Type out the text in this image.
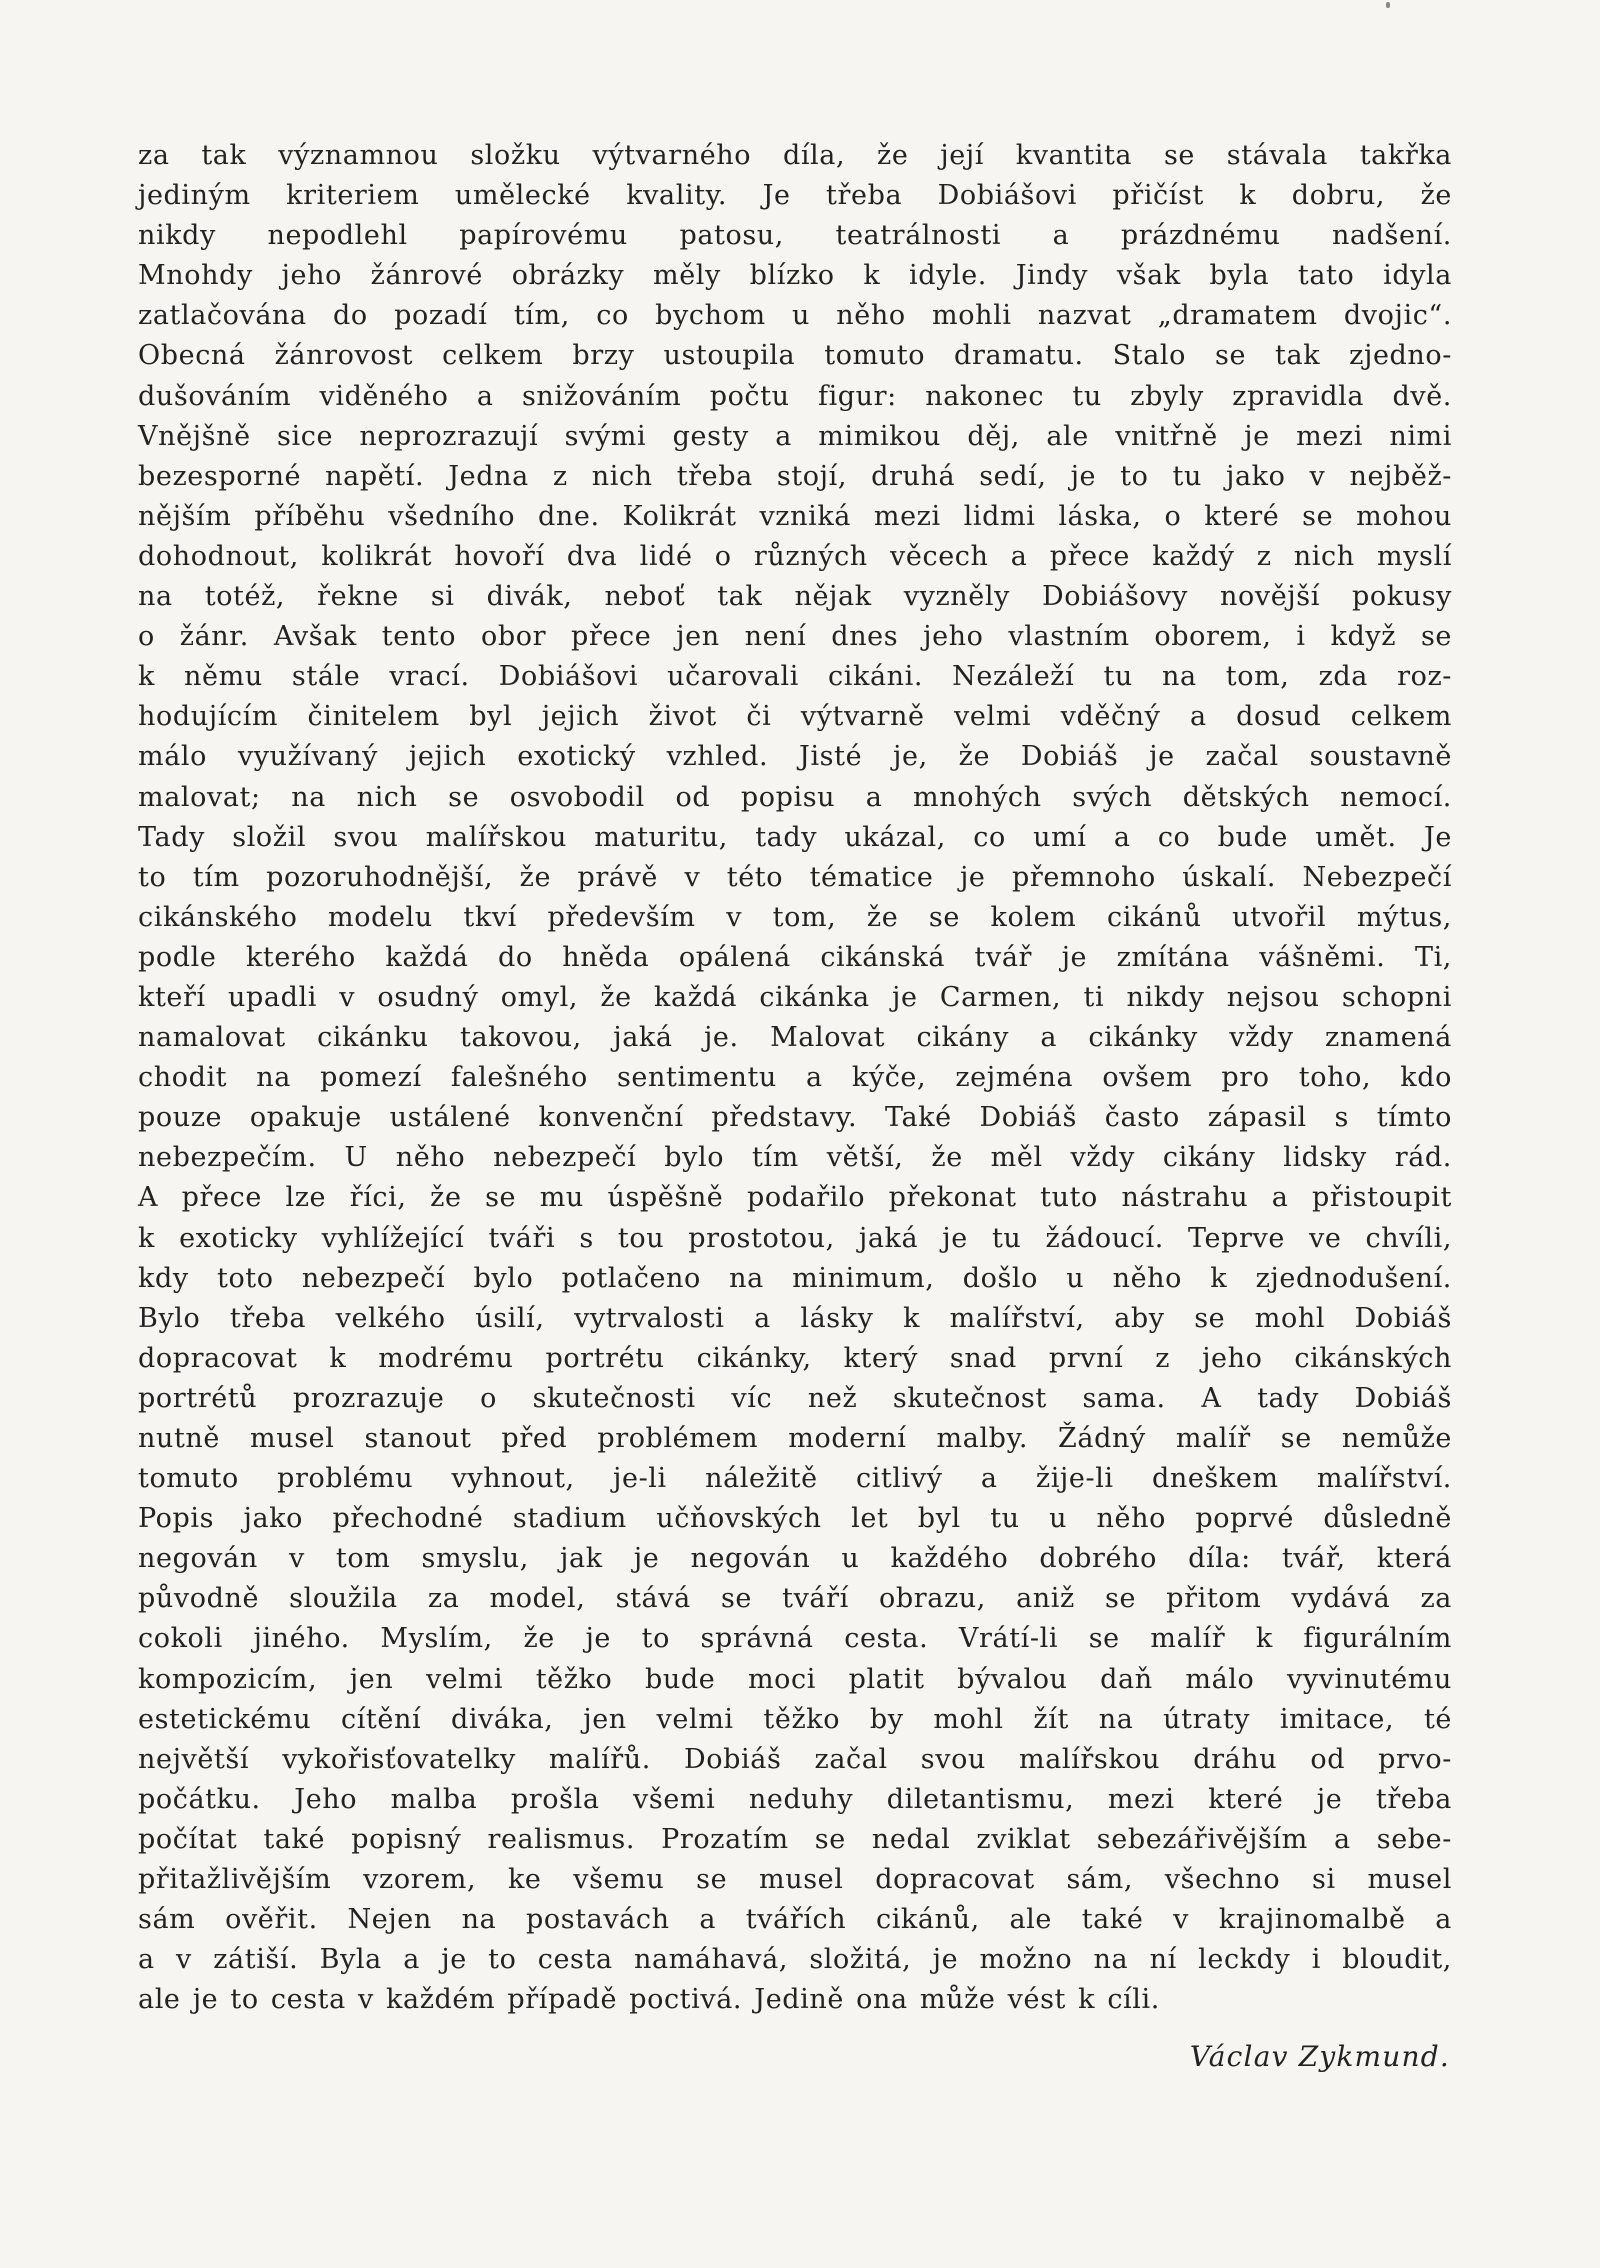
za tak významnou složku výtvarného díla, že její kvantita se stávala takřka
jediným kriteriem umělecké kvality. Je třeba Dobiášovi přičíst k dobru, že
nikdy nepodlehl papírovému patosu, teatrálnosti a prázdnému nadšení.
Mnohdy jeho žánrové obrázky měly blízko k idyle. Jindy však byla tato idyla
zatlačována do pozadí tím, co bychom u něho mohli nazvat „dramatem dvojic“.
Obecná žánrovost celkem brzy ustoupila tomuto dramatu. Stalo se tak zjedno-
dušováním viděného a snižováním počtu figur: nakonec tu zbyly zpravidla dvě.
Vnějšně sice neprozrazují svými gesty a mimikou děj, ale vnitřně je mezi nimi
bezesporné napětí. Jedna z nich třeba stojí, druhá sedí, je to tu jako v nejběž-
nějším příběhu všedního dne. Kolikrát vzniká mezi lidmi láska, o které se mohou
dohodnout, kolikrát hovoří dva lidé o různých věcech a přece každý z nich myslí
na totéž, řekne si divák, neboť tak nějak vyzněly Dobiášovy novější pokusy
o žánr. Avšak tento obor přece jen není dnes jeho vlastním oborem, i když se
k němu stále vrací. Dobiášovi učarovali cikáni. Nezáleží tu na tom, zda roz-
hodujícím činitelem byl jejich život či výtvarně velmi vděčný a dosud celkem
málo využívaný jejich exotický vzhled. Jisté je, že Dobiáš je začal soustavně
malovat; na nich se osvobodil od popisu a mnohých svých dětských nemocí.
Tady složil svou malířskou maturitu, tady ukázal, co umí a co bude umět. Je
to tím pozoruhodnější, že právě v této tématice je přemnoho úskalí. Nebezpečí
cikánského modelu tkví především v tom, že se kolem cikánů utvořil mýtus,
podle kterého každá do hněda opálená cikánská tvář je zmítána vášněmi. Ti,
kteří upadli v osudný omyl, že každá cikánka je Carmen, ti nikdy nejsou schopni
namalovat cikánku takovou, jaká je. Malovat cikány a cikánky vždy znamená
chodit na pomezí falešného sentimentu a kýče, zejména ovšem pro toho, kdo
pouze opakuje ustálené konvenční představy. Také Dobiáš často zápasil s tímto
nebezpečím. U něho nebezpečí bylo tím větší, že měl vždy cikány lidsky rád.
A přece lze říci, že se mu úspěšně podařilo překonat tuto nástrahu a přistoupit
k exoticky vyhlížející tváři s tou prostotou, jaká je tu žádoucí. Teprve ve chvíli,
kdy toto nebezpečí bylo potlačeno na minimum, došlo u něho k zjednodušení.
Bylo třeba velkého úsilí, vytrvalosti a lásky k malířství, aby se mohl Dobiáš
dopracovat k modrému portrétu cikánky, který snad první z jeho cikánských
portrétů prozrazuje o skutečnosti víc než skutečnost sama. A tady Dobiáš
nutně musel stanout před problémem moderní malby. Žádný malíř se nemůže
tomuto problému vyhnout, je-li náležitě citlivý a žije-li dneškem malířství.
Popis jako přechodné stadium učňovských let byl tu u něho poprvé důsledně
negován v tom smyslu, jak je negován u každého dobrého díla: tvář, která
původně sloužila za model, stává se tváří obrazu, aniž se přitom vydává za
cokoli jiného. Myslím, že je to správná cesta. Vrátí-li se malíř k figurálním
kompozicím, jen velmi těžko bude moci platit bývalou daň málo vyvinutému
estetickému cítění diváka, jen velmi těžko by mohl žít na útraty imitace, té
největší vykořisťovatelky malířů. Dobiáš začal svou malířskou dráhu od prvo-
počátku. Jeho malba prošla všemi neduhy diletantismu, mezi které je třeba
počítat také popisný realismus. Prozatím se nedal zviklat sebezářivějším a sebe-
přitažlivějším vzorem, ke všemu se musel dopracovat sám, všechno si musel
sám ověřit. Nejen na postavách a tvářích cikánů, ale také v krajinomalbě a
a v zátiší. Byla a je to cesta namáhavá, složitá, je možno na ní leckdy i bloudit,
ale je to cesta v každém případě poctivá. Jedině ona může vést k cíli.
Václav Zykmund.
